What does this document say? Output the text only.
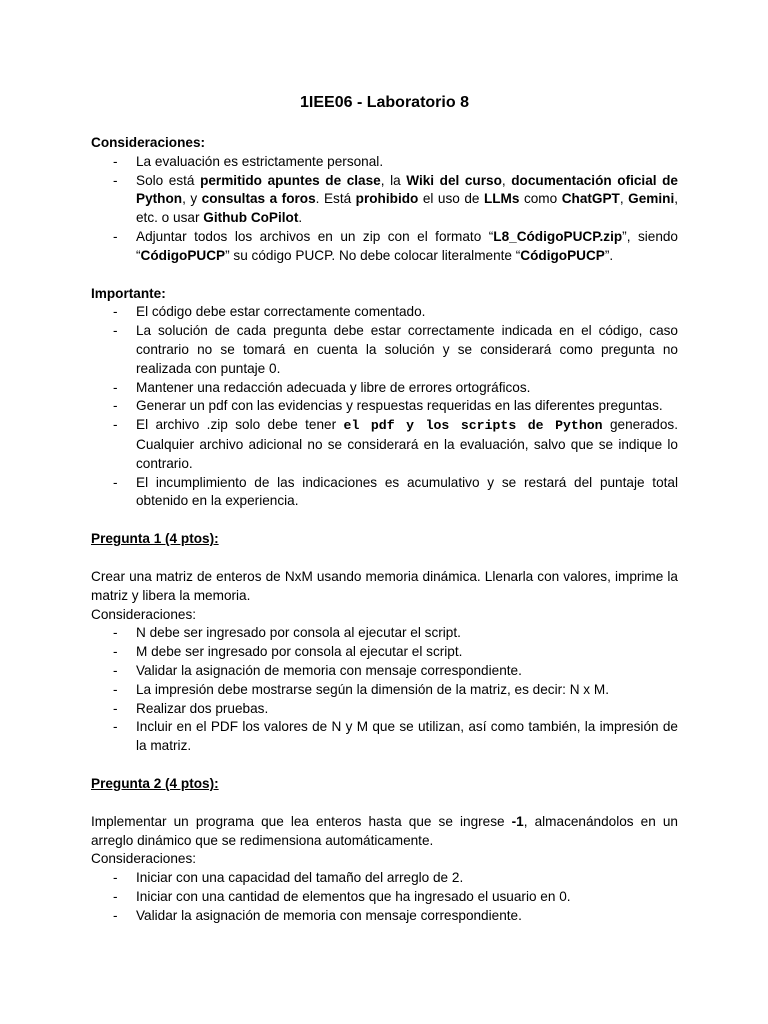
1IEE06 - Laboratorio 8

Consideraciones:

- La evaluación es estrictamente personal.
- Solo está permitido apuntes de clase, la Wiki del curso, documentación oficial de Python, y consultas a foros. Está prohibido el uso de LLMs como ChatGPT, Gemini, etc. o usar Github CoPilot.
- Adjuntar todos los archivos en un zip con el formato “L8_CódigoPUCP.zip”, siendo “CódigoPUCP” su código PUCP. No debe colocar literalmente “CódigoPUCP”.

Importante:

- El código debe estar correctamente comentado.
- La solución de cada pregunta debe estar correctamente indicada en el código, caso contrario no se tomará en cuenta la solución y se considerará como pregunta no realizada con puntaje 0.
- Mantener una redacción adecuada y libre de errores ortográficos.
- Generar un pdf con las evidencias y respuestas requeridas en las diferentes preguntas.
- El archivo .zip solo debe tener el pdf y los scripts de Python generados. Cualquier archivo adicional no se considerará en la evaluación, salvo que se indique lo contrario.
- El incumplimiento de las indicaciones es acumulativo y se restará del puntaje total obtenido en la experiencia.

Pregunta 1 (4 ptos):

Crear una matriz de enteros de NxM usando memoria dinámica. Llenarla con valores, imprime la matriz y libera la memoria.

Consideraciones:

- N debe ser ingresado por consola al ejecutar el script.
- M debe ser ingresado por consola al ejecutar el script.
- Validar la asignación de memoria con mensaje correspondiente.
- La impresión debe mostrarse según la dimensión de la matriz, es decir: N x M.
- Realizar dos pruebas.
- Incluir en el PDF los valores de N y M que se utilizan, así como también, la impresión de la matriz.

Pregunta 2 (4 ptos):

Implementar un programa que lea enteros hasta que se ingrese -1, almacenándolos en un arreglo dinámico que se redimensiona automáticamente.

Consideraciones:

- Iniciar con una capacidad del tamaño del arreglo de 2.
- Iniciar con una cantidad de elementos que ha ingresado el usuario en 0.
- Validar la asignación de memoria con mensaje correspondiente.
